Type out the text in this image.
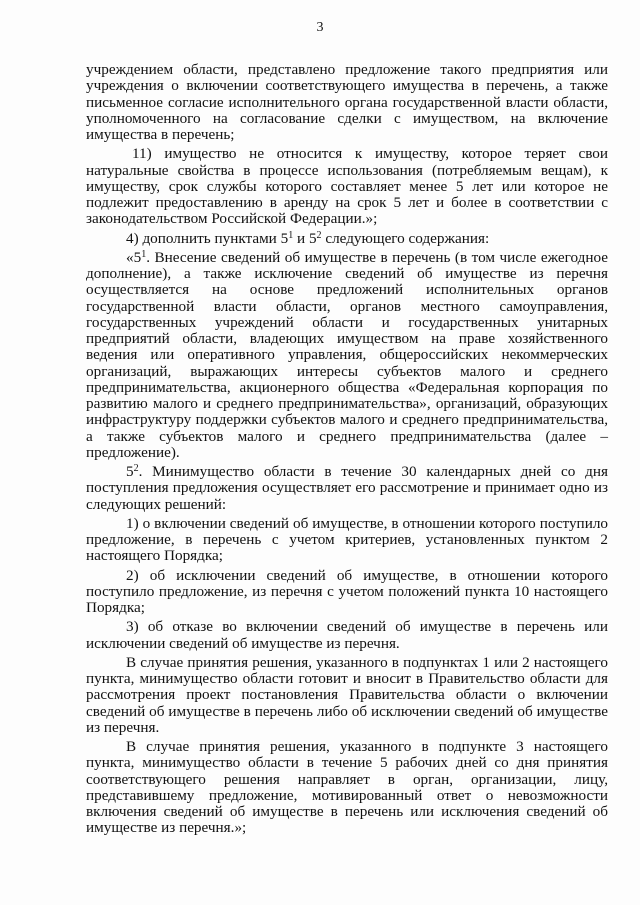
3

учреждением области, представлено предложение такого предприятия или учреждения о включении соответствующего имущества в перечень, а также письменное согласие исполнительного органа государственной власти области, уполномоченного на согласование сделки с имуществом, на включение имущества в перечень;

11) имущество не относится к имуществу, которое теряет свои натуральные свойства в процессе использования (потребляемым вещам), к имуществу, срок службы которого составляет менее 5 лет или которое не подлежит предоставлению в аренду на срок 5 лет и более в соответствии с законодательством Российской Федерации.»;

4) дополнить пунктами $5^1$ и $5^2$ следующего содержания:

«$5^1$. Внесение сведений об имуществе в перечень (в том числе ежегодное дополнение), а также исключение сведений об имуществе из перечня осуществляется на основе предложений исполнительных органов государственной власти области, органов местного самоуправления, государственных учреждений области и государственных унитарных предприятий области, владеющих имуществом на праве хозяйственного ведения или оперативного управления, общероссийских некоммерческих организаций, выражающих интересы субъектов малого и среднего предпринимательства, акционерного общества «Федеральная корпорация по развитию малого и среднего предпринимательства», организаций, образующих инфраструктуру поддержки субъектов малого и среднего предпринимательства, а также субъектов малого и среднего предпринимательства (далее – предложение).

$5^2$. Минимущество области в течение 30 календарных дней со дня поступления предложения осуществляет его рассмотрение и принимает одно из следующих решений:

1) о включении сведений об имуществе, в отношении которого поступило предложение, в перечень с учетом критериев, установленных пунктом 2 настоящего Порядка;

2) об исключении сведений об имуществе, в отношении которого поступило предложение, из перечня с учетом положений пункта 10 настоящего Порядка;

3) об отказе во включении сведений об имуществе в перечень или исключении сведений об имуществе из перечня.

В случае принятия решения, указанного в подпунктах 1 или 2 настоящего пункта, минимущество области готовит и вносит в Правительство области для рассмотрения проект постановления Правительства области о включении сведений об имуществе в перечень либо об исключении сведений об имуществе из перечня.

В случае принятия решения, указанного в подпункте 3 настоящего пункта, минимущество области в течение 5 рабочих дней со дня принятия соответствующего решения направляет в орган, организации, лицу, представившему предложение, мотивированный ответ о невозможности включения сведений об имуществе в перечень или исключения сведений об имуществе из перечня.»;
